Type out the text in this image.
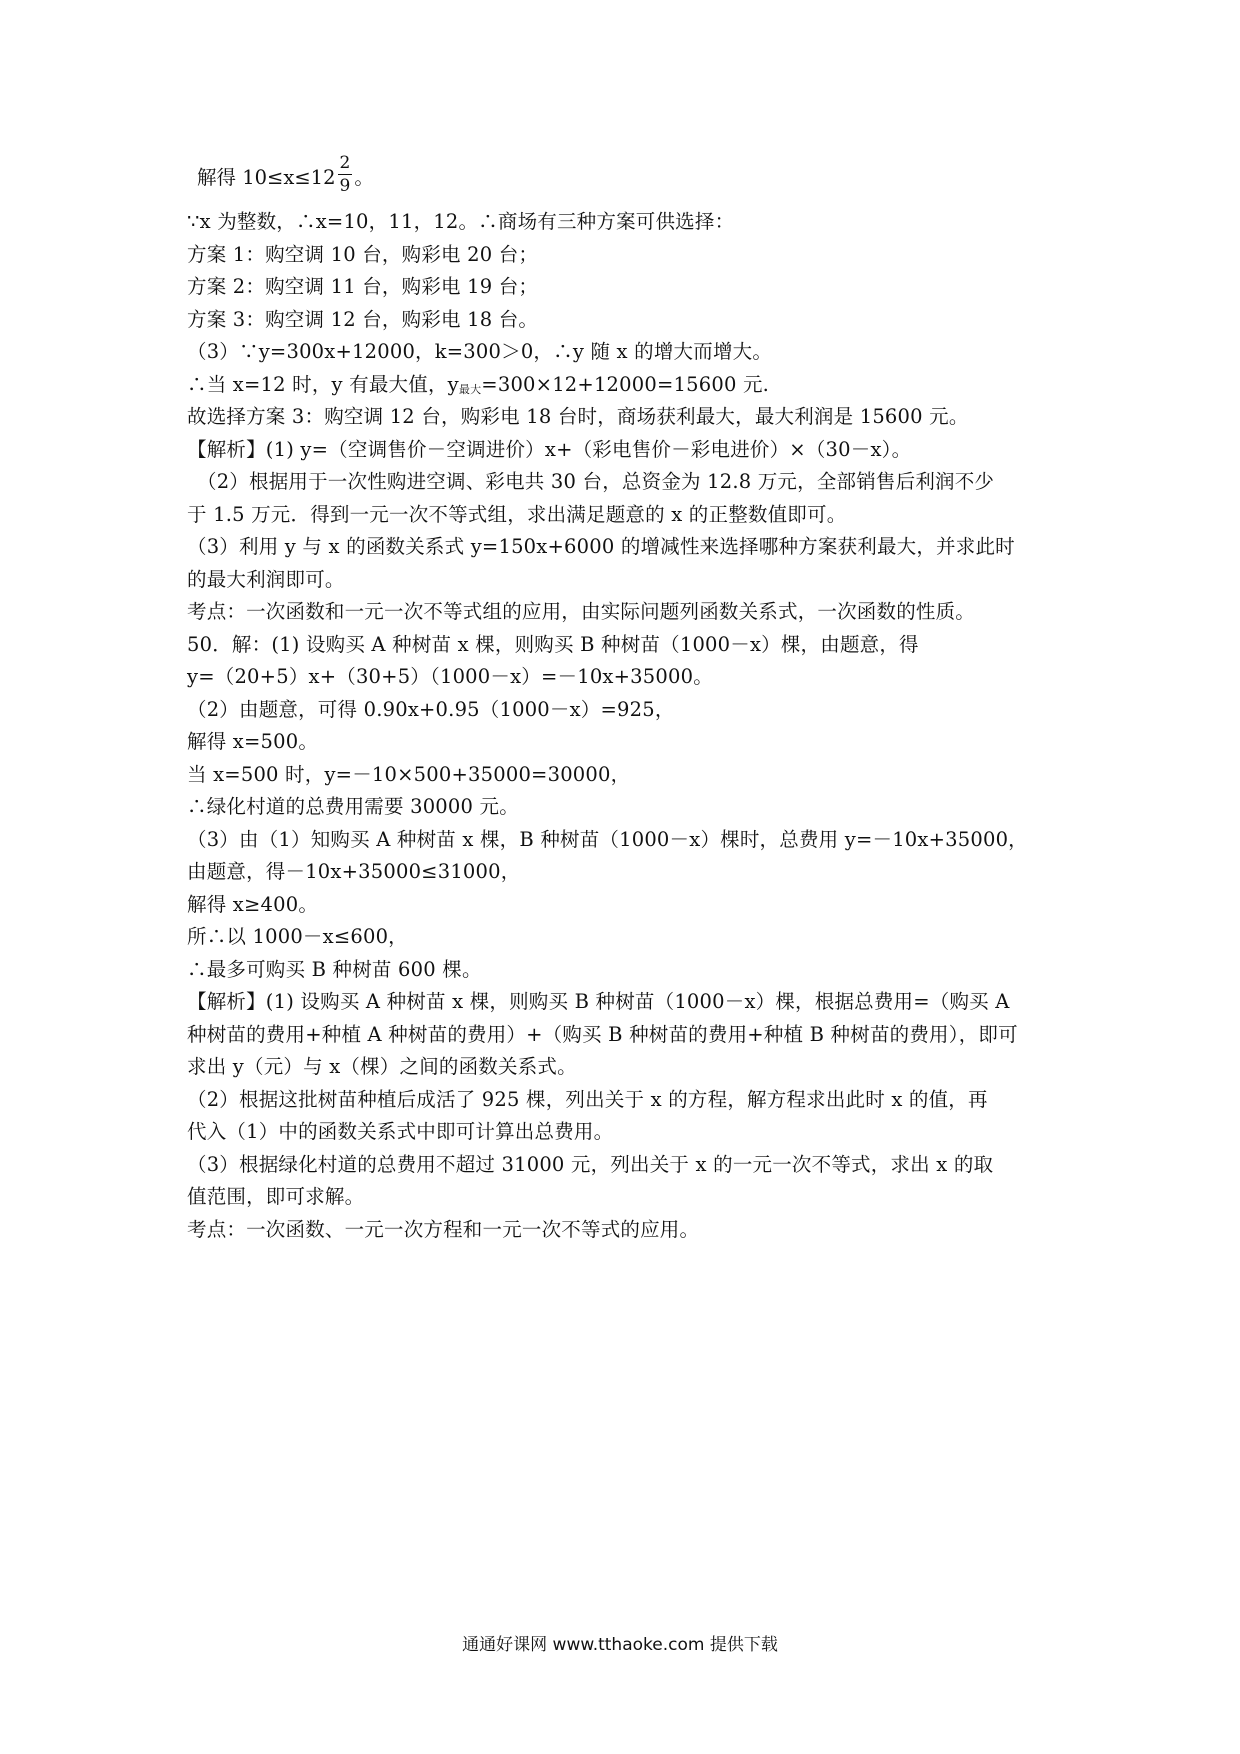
解得 $10\le x\le 12 \frac{2}{9}$ 。
∵x 为整数，∴x=10，11，12。∴商场有三种方案可供选择：
方案 1：购空调 10 台，购彩电 20 台；
方案 2：购空调 11 台，购彩电 19 台；
方案 3：购空调 12 台，购彩电 18 台。
（3）∵y=300x+12000，k=300＞0，∴y 随 x 的增大而增大。
∴当 x=12 时，y 有最大值，y最大=300×12+12000=15600 元.
故选择方案 3：购空调 12 台，购彩电 18 台时，商场获利最大，最大利润是 15600 元。
【解析】(1) y=（空调售价－空调进价）x+（彩电售价－彩电进价）×（30－x）。
（2）根据用于一次性购进空调、彩电共 30 台，总资金为 12.8 万元，全部销售后利润不少
于 1.5 万元．得到一元一次不等式组，求出满足题意的 x 的正整数值即可。
（3）利用 y 与 x 的函数关系式 y=150x+6000 的增减性来选择哪种方案获利最大，并求此时
的最大利润即可。
考点：一次函数和一元一次不等式组的应用，由实际问题列函数关系式，一次函数的性质。
50．解：(1) 设购买 A 种树苗 x 棵，则购买 B 种树苗（1000－x）棵，由题意，得
y=（20+5）x+（30+5）（1000－x）=－10x+35000。
（2）由题意，可得 0.90x+0.95（1000－x）=925，
解得 x=500。
当 x=500 时，y=－10×500+35000=30000，
∴绿化村道的总费用需要 30000 元。
（3）由（1）知购买 A 种树苗 x 棵，B 种树苗（1000－x）棵时，总费用 y=－10x+35000，
由题意，得－10x+35000≤31000，
解得 x≥400。
所∴以 1000－x≤600，
∴最多可购买 B 种树苗 600 棵。
【解析】(1) 设购买 A 种树苗 x 棵，则购买 B 种树苗（1000－x）棵，根据总费用=（购买 A
种树苗的费用+种植 A 种树苗的费用）+（购买 B 种树苗的费用+种植 B 种树苗的费用），即可
求出 y（元）与 x（棵）之间的函数关系式。
（2）根据这批树苗种植后成活了 925 棵，列出关于 x 的方程，解方程求出此时 x 的值，再
代入（1）中的函数关系式中即可计算出总费用。
（3）根据绿化村道的总费用不超过 31000 元，列出关于 x 的一元一次不等式，求出 x 的取
值范围，即可求解。
考点：一次函数、一元一次方程和一元一次不等式的应用。
通通好课网 www.tthaoke.com 提供下载
